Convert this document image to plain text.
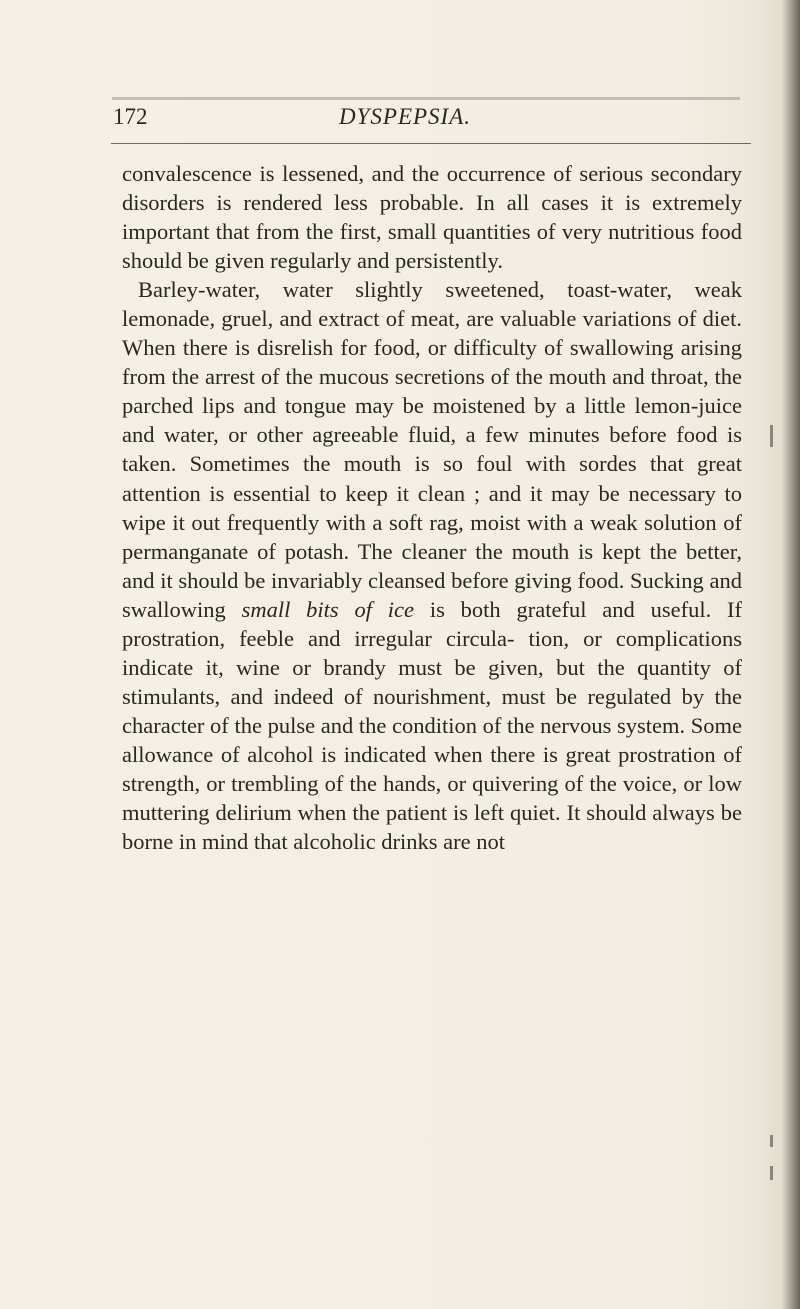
172	DYSPEPSIA.

convalescence is lessened, and the occurrence of serious secondary disorders is rendered less probable. In all cases it is extremely important that from the first, small quantities of very nutritious food should be given regularly and persistently.

Barley-water, water slightly sweetened, toast-water, weak lemonade, gruel, and extract of meat, are valuable variations of diet. When there is disrelish for food, or difficulty of swallowing arising from the arrest of the mucous secretions of the mouth and throat, the parched lips and tongue may be moistened by a little lemon-juice and water, or other agreeable fluid, a few minutes before food is taken. Sometimes the mouth is so foul with sordes that great attention is essential to keep it clean ; and it may be necessary to wipe it out frequently with a soft rag, moist with a weak solution of permanganate of potash. The cleaner the mouth is kept the better, and it should be invariably cleansed before giving food. Sucking and swallowing small bits of ice is both grateful and useful. If prostration, feeble and irregular circula- tion, or complications indicate it, wine or brandy must be given, but the quantity of stimulants, and indeed of nourishment, must be regulated by the character of the pulse and the condition of the nervous system. Some allowance of alcohol is indicated when there is great prostration of strength, or trembling of the hands, or quivering of the voice, or low muttering delirium when the patient is left quiet. It should always be borne in mind that alcoholic drinks are not
